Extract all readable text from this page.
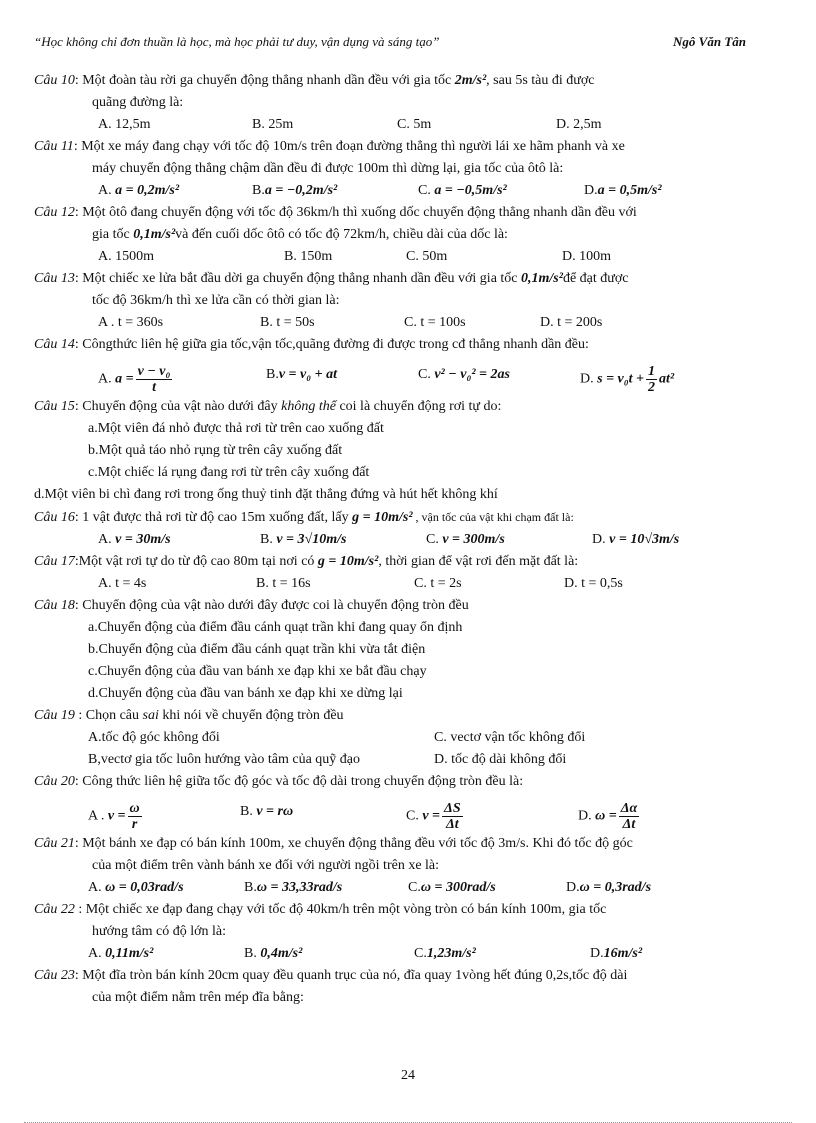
“Học không chỉ đơn thuần là học, mà học phải tư duy, vận dụng và sáng tạo”	Ngô Văn Tân

Câu 10: Một đoàn tàu rời ga chuyển động thẳng nhanh dần đều với gia tốc 2m/s², sau 5s tàu đi được

quãng đường là:

A. 12,5m	B. 25m	C. 5m	D. 2,5m

Câu 11: Một xe máy đang chạy với tốc độ 10m/s trên đoạn đường thẳng thì người lái xe hãm phanh và xe

máy chuyển động thẳng chậm dần đều đi được 100m thì dừng lại, gia tốc của ôtô là:

A. a = 0,2m/s²	B.a = −0,2m/s²	C. a = −0,5m/s²	D.a = 0,5m/s²

Câu 12: Một ôtô đang chuyển động với tốc độ 36km/h thì xuống dốc chuyển động thẳng nhanh dần đều với

gia tốc 0,1m/s²và đến cuối dốc ôtô có tốc độ 72km/h, chiều dài của dốc là:

A. 1500m	B. 150m	C. 50m	D. 100m

Câu 13: Một chiếc xe lửa bắt đầu dời ga chuyển động thẳng nhanh dần đều với gia tốc 0,1m/s²để đạt được

tốc độ 36km/h thì xe lửa cần có thời gian là:

A . t = 360s	B. t = 50s	C. t = 100s	D. t = 200s

Câu 14: Côngthức liên hệ giữa gia tốc,vận tốc,quãng đường đi được trong cđ thẳng nhanh dần đều:

A. $a = \frac{\text{v − v₀}}{t}$	B.v = v₀ + at	C. v² − v₀² = 2as	D. $s = v_0t + \frac{1}{2} at^2$

Câu 15: Chuyển động của vật nào dưới đây không thể coi là chuyển động rơi tự do:

a.Một viên đá nhỏ được thả rơi từ trên cao xuống đất

b.Một quả táo nhỏ rụng từ trên cây xuống đất

c.Một chiếc lá rụng đang rơi từ trên cây xuống đất

d.Một viên bi chì đang rơi trong ống thuỷ tinh đặt thẳng đứng và hút hết không khí

Câu 16: 1 vật được thả rơi từ độ cao 15m xuống đất, lấy g = 10m/s² , vận tốc của vật khi chạm đất là:

A. v = 30m/s	B. v = 3√10m/s	C. v = 300m/s	D. v = 10√3m/s

Câu 17:Một vật rơi tự do từ độ cao 80m tại nơi có g = 10m/s², thời gian để vật rơi đến mặt đất là:

A. t = 4s	B. t = 16s	C. t = 2s	D. t = 0,5s

Câu 18: Chuyển động của vật nào dưới đây được coi là chuyển động tròn đều

a.Chuyển động của điểm đầu cánh quạt trần khi đang quay ổn định

b.Chuyển động của điểm đầu cánh quạt trần khi vừa tắt điện

c.Chuyển động của đầu van bánh xe đạp khi xe bắt đầu chạy

d.Chuyển động của đầu van bánh xe đạp khi xe dừng lại

Câu 19 : Chọn câu sai khi nói về chuyển động tròn đều

A.tốc độ góc không đổi	C. vectơ vận tốc không đổi
B,vectơ gia tốc luôn hướng vào tâm của quỹ đạo	D. tốc độ dài không đổi

Câu 20: Công thức liên hệ giữa tốc độ góc và tốc độ dài trong chuyển động tròn đều là:

A . $v = \frac{\omega}{r}$	B. v = rω	C. $v = \frac{\Delta S}{\Delta t}$	D. $\omega = \frac{\Delta\alpha}{\Delta t}$

Câu 21: Một bánh xe đạp có bán kính 100m, xe chuyển động thẳng đều với tốc độ 3m/s. Khi đó tốc độ góc

của một điểm trên vành bánh xe đối với người ngồi trên xe là:

A. ω = 0,03rad/s	B.ω = 33,33rad/s	C.ω = 300rad/s	D.ω = 0,3rad/s

Câu 22 : Một chiếc xe đạp đang chạy với tốc độ 40km/h trên một vòng tròn có bán kính 100m, gia tốc

hướng tâm có độ lớn là:

A. 0,11m/s²	B. 0,4m/s²	C.1,23m/s²	D.16m/s²

Câu 23: Một đĩa tròn bán kính 20cm quay đều quanh trục của nó, đĩa quay 1vòng hết đúng 0,2s,tốc độ dài

của một điểm nằm trên mép đĩa bằng:

24
